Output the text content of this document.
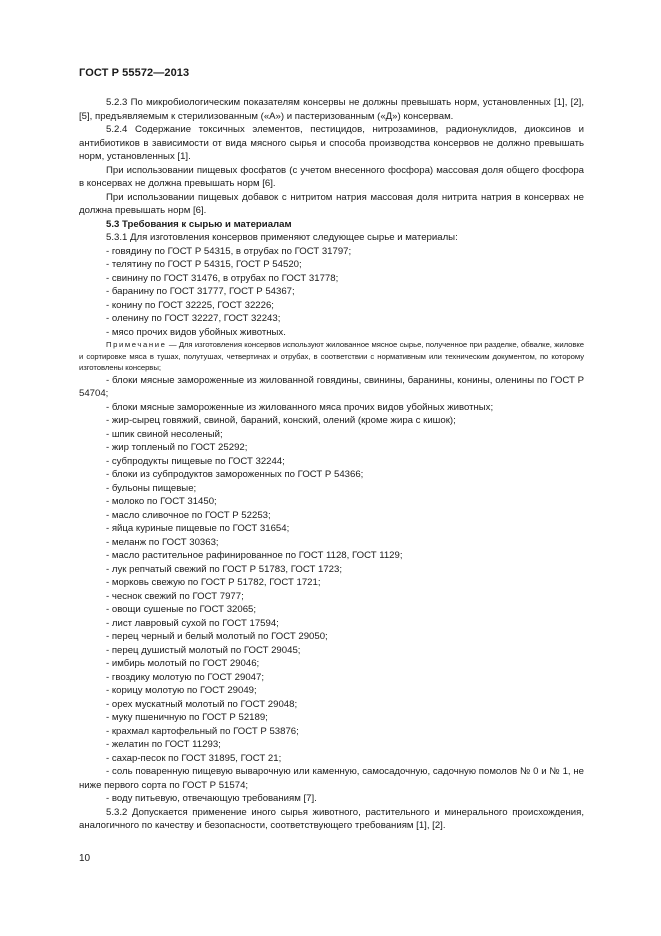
ГОСТ Р 55572—2013

5.2.3 По микробиологическим показателям консервы не должны превышать норм, установленных [1], [2], [5], предъявляемым к стерилизованным («А») и пастеризованным («Д») консервам.

5.2.4 Содержание токсичных элементов, пестицидов, нитрозаминов, радионуклидов, диоксинов и антибиотиков в зависимости от вида мясного сырья и способа производства консервов не должно превышать норм, установленных [1].

При использовании пищевых фосфатов (с учетом внесенного фосфора) массовая доля общего фосфора в консервах не должна превышать норм [6].

При использовании пищевых добавок с нитритом натрия массовая доля нитрита натрия в консервах не должна превышать норм [6].

5.3 Требования к сырью и материалам

5.3.1 Для изготовления консервов применяют следующее сырье и материалы:

- говядину по ГОСТ Р 54315, в отрубах по ГОСТ 31797;

- телятину по ГОСТ Р 54315, ГОСТ Р 54520;

- свинину по ГОСТ 31476, в отрубах по ГОСТ 31778;

- баранину по ГОСТ 31777, ГОСТ Р 54367;

- конину по ГОСТ 32225, ГОСТ 32226;

- оленину по ГОСТ 32227, ГОСТ 32243;

- мясо прочих видов убойных животных.

Примечание — Для изготовления консервов используют жилованное мясное сырье, полученное при разделке, обвалке, жиловке и сортировке мяса в тушах, полутушах, четвертинах и отрубах, в соответствии с нормативным или техническим документом, по которому изготовлены консервы;

- блоки мясные замороженные из жилованной говядины, свинины, баранины, конины, оленины по ГОСТ Р 54704;

- блоки мясные замороженные из жилованного мяса прочих видов убойных животных;

- жир-сырец говяжий, свиной, бараний, конский, олений (кроме жира с кишок);

- шпик свиной несоленый;

- жир топленый по ГОСТ 25292;

- субпродукты пищевые по ГОСТ 32244;

- блоки из субпродуктов замороженных по ГОСТ Р 54366;

- бульоны пищевые;

- молоко по ГОСТ 31450;

- масло сливочное по ГОСТ Р 52253;

- яйца куриные пищевые по ГОСТ 31654;

- меланж по ГОСТ 30363;

- масло растительное рафинированное по ГОСТ 1128, ГОСТ 1129;

- лук репчатый свежий по ГОСТ Р 51783, ГОСТ 1723;

- морковь свежую по ГОСТ Р 51782, ГОСТ 1721;

- чеснок свежий по ГОСТ 7977;

- овощи сушеные по ГОСТ 32065;

- лист лавровый сухой по ГОСТ 17594;

- перец черный и белый молотый по ГОСТ 29050;

- перец душистый молотый по ГОСТ 29045;

- имбирь молотый по ГОСТ 29046;

- гвоздику молотую по ГОСТ 29047;

- корицу молотую по ГОСТ 29049;

- орех мускатный молотый по ГОСТ 29048;

- муку пшеничную по ГОСТ Р 52189;

- крахмал картофельный по ГОСТ Р 53876;

- желатин по ГОСТ 11293;

- сахар-песок по ГОСТ 31895, ГОСТ 21;

- соль поваренную пищевую выварочную или каменную, самосадочную, садочную помолов № 0 и № 1, не ниже первого сорта по ГОСТ Р 51574;

- воду питьевую, отвечающую требованиям [7].

5.3.2 Допускается применение иного сырья животного, растительного и минерального происхождения, аналогичного по качеству и безопасности, соответствующего требованиям [1], [2].

10
